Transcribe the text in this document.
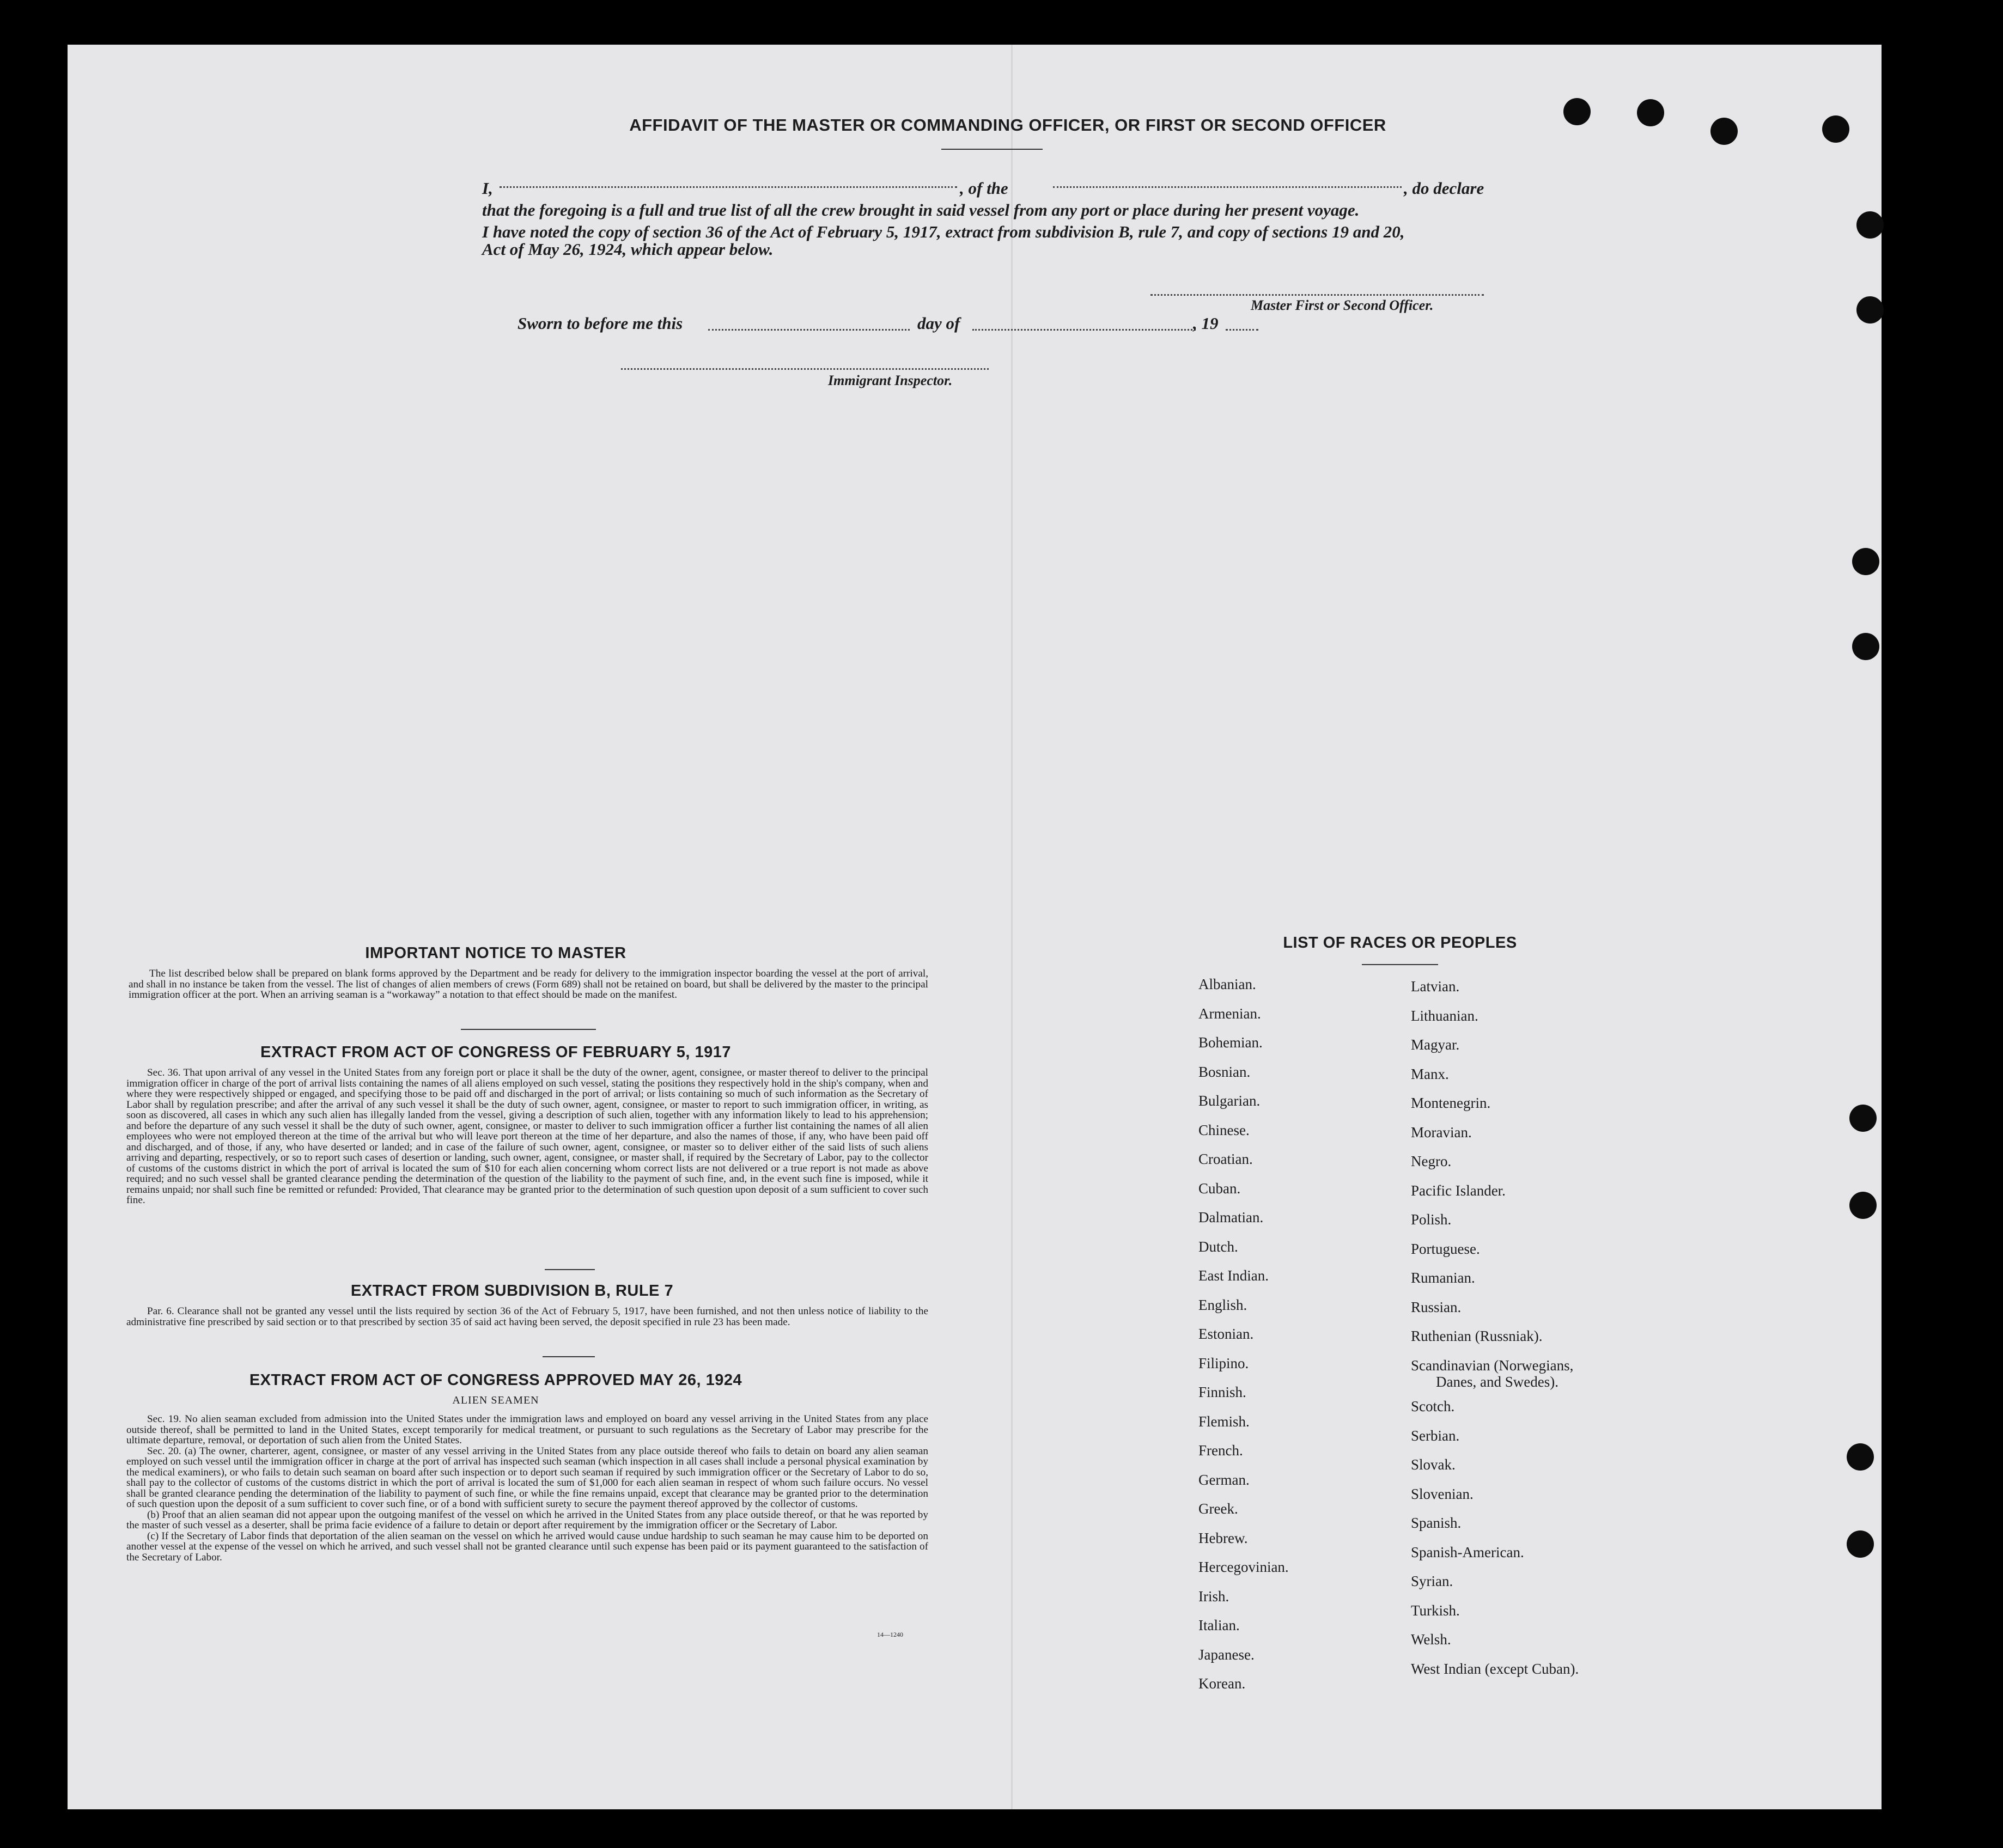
AFFIDAVIT OF THE MASTER OR COMMANDING OFFICER, OR FIRST OR SECOND OFFICER
I,	, of the	, do declare
that the foregoing is a full and true list of all the crew brought in said vessel from any port or place during her present voyage.
I have noted the copy of section 36 of the Act of February 5, 1917, extract from subdivision B, rule 7, and copy of sections 19 and 20,
Act of May 26, 1924, which appear below.
Master First or Second Officer.
Sworn to before me this	day of	, 19
Immigrant Inspector.
IMPORTANT NOTICE TO MASTER

The list described below shall be prepared on blank forms approved by the Department and be ready for delivery to the immigration inspector boarding the vessel at the port of arrival, and shall in no instance be taken from the vessel. The list of changes of alien members of crews (Form 689) shall not be retained on board, but shall be delivered by the master to the principal immigration officer at the port. When an arriving seaman is a “workaway” a notation to that effect should be made on the manifest.

EXTRACT FROM ACT OF CONGRESS OF FEBRUARY 5, 1917

Sec. 36. That upon arrival of any vessel in the United States from any foreign port or place it shall be the duty of the owner, agent, consignee, or master thereof to deliver to the principal immigration officer in charge of the port of arrival lists containing the names of all aliens employed on such vessel, stating the positions they respectively hold in the ship's company, when and where they were respectively shipped or engaged, and specifying those to be paid off and discharged in the port of arrival; or lists containing so much of such information as the Secretary of Labor shall by regulation prescribe; and after the arrival of any such vessel it shall be the duty of such owner, agent, consignee, or master to report to such immigration officer, in writing, as soon as discovered, all cases in which any such alien has illegally landed from the vessel, giving a description of such alien, together with any information likely to lead to his apprehension; and before the departure of any such vessel it shall be the duty of such owner, agent, consignee, or master to deliver to such immigration officer a further list containing the names of all alien employees who were not employed thereon at the time of the arrival but who will leave port thereon at the time of her departure, and also the names of those, if any, who have been paid off and discharged, and of those, if any, who have deserted or landed; and in case of the failure of such owner, agent, consignee, or master so to deliver either of the said lists of such aliens arriving and departing, respectively, or so to report such cases of desertion or landing, such owner, agent, consignee, or master shall, if required by the Secretary of Labor, pay to the collector of customs of the customs district in which the port of arrival is located the sum of $10 for each alien concerning whom correct lists are not delivered or a true report is not made as above required; and no such vessel shall be granted clearance pending the determination of the question of the liability to the payment of such fine, and, in the event such fine is imposed, while it remains unpaid; nor shall such fine be remitted or refunded: Provided, That clearance may be granted prior to the determination of such question upon deposit of a sum sufficient to cover such fine.

EXTRACT FROM SUBDIVISION B, RULE 7

Par. 6. Clearance shall not be granted any vessel until the lists required by section 36 of the Act of February 5, 1917, have been furnished, and not then unless notice of liability to the administrative fine prescribed by said section or to that prescribed by section 35 of said act having been served, the deposit specified in rule 23 has been made.

EXTRACT FROM ACT OF CONGRESS APPROVED MAY 26, 1924
ALIEN SEAMEN

Sec. 19. No alien seaman excluded from admission into the United States under the immigration laws and employed on board any vessel arriving in the United States from any place outside thereof, shall be permitted to land in the United States, except temporarily for medical treatment, or pursuant to such regulations as the Secretary of Labor may prescribe for the ultimate departure, removal, or deportation of such alien from the United States.

Sec. 20. (a) The owner, charterer, agent, consignee, or master of any vessel arriving in the United States from any place outside thereof who fails to detain on board any alien seaman employed on such vessel until the immigration officer in charge at the port of arrival has inspected such seaman (which inspection in all cases shall include a personal physical examination by the medical examiners), or who fails to detain such seaman on board after such inspection or to deport such seaman if required by such immigration officer or the Secretary of Labor to do so, shall pay to the collector of customs of the customs district in which the port of arrival is located the sum of $1,000 for each alien seaman in respect of whom such failure occurs. No vessel shall be granted clearance pending the determination of the liability to payment of such fine, or while the fine remains unpaid, except that clearance may be granted prior to the determination of such question upon the deposit of a sum sufficient to cover such fine, or of a bond with sufficient surety to secure the payment thereof approved by the collector of customs.

(b) Proof that an alien seaman did not appear upon the outgoing manifest of the vessel on which he arrived in the United States from any place outside thereof, or that he was reported by the master of such vessel as a deserter, shall be prima facie evidence of a failure to detain or deport after requirement by the immigration officer or the Secretary of Labor.

(c) If the Secretary of Labor finds that deportation of the alien seaman on the vessel on which he arrived would cause undue hardship to such seaman he may cause him to be deported on another vessel at the expense of the vessel on which he arrived, and such vessel shall not be granted clearance until such expense has been paid or its payment guaranteed to the satisfaction of the Secretary of Labor.

14—1240
LIST OF RACES OR PEOPLES
Albanian.
Armenian.
Bohemian.
Bosnian.
Bulgarian.
Chinese.
Croatian.
Cuban.
Dalmatian.
Dutch.
East Indian.
English.
Estonian.
Filipino.
Finnish.
Flemish.
French.
German.
Greek.
Hebrew.
Hercegovinian.
Irish.
Italian.
Japanese.
Korean.
Latvian.
Lithuanian.
Magyar.
Manx.
Montenegrin.
Moravian.
Negro.
Pacific Islander.
Polish.
Portuguese.
Rumanian.
Russian.
Ruthenian (Russniak).
Scandinavian (Norwegians,
Danes, and Swedes).
Scotch.
Serbian.
Slovak.
Slovenian.
Spanish.
Spanish-American.
Syrian.
Turkish.
Welsh.
West Indian (except Cuban).
